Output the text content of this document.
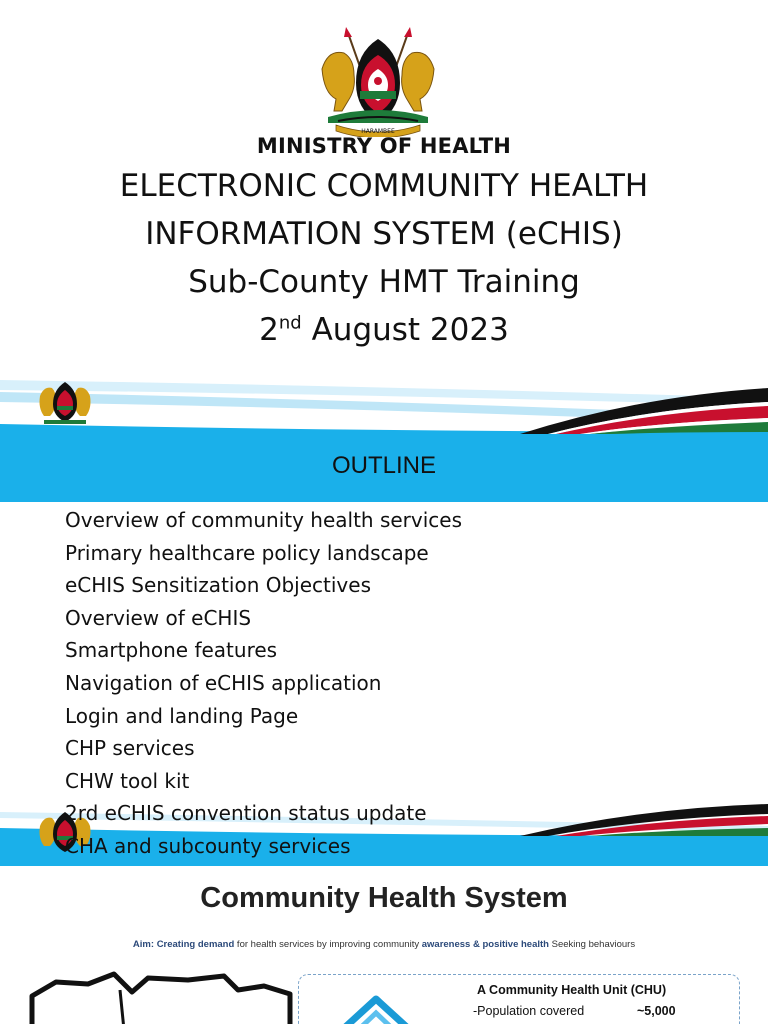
HARAMBEE
MINISTRY OF HEALTH
ELECTRONIC COMMUNITY HEALTH
INFORMATION SYSTEM (eCHIS)
Sub-County HMT Training
2nd August 2023
OUTLINE
Overview of community health services
Primary healthcare policy landscape
eCHIS Sensitization Objectives
Overview of eCHIS
Smartphone features
Navigation of eCHIS application
Login and landing Page
CHP services
CHW tool kit
2rd eCHIS convention status update
CHA and subcounty services
Community Health System
Aim: Creating demand for health services by improving community awareness & positive health Seeking behaviours
A Community Health Unit (CHU)
-Population covered	~5,000
